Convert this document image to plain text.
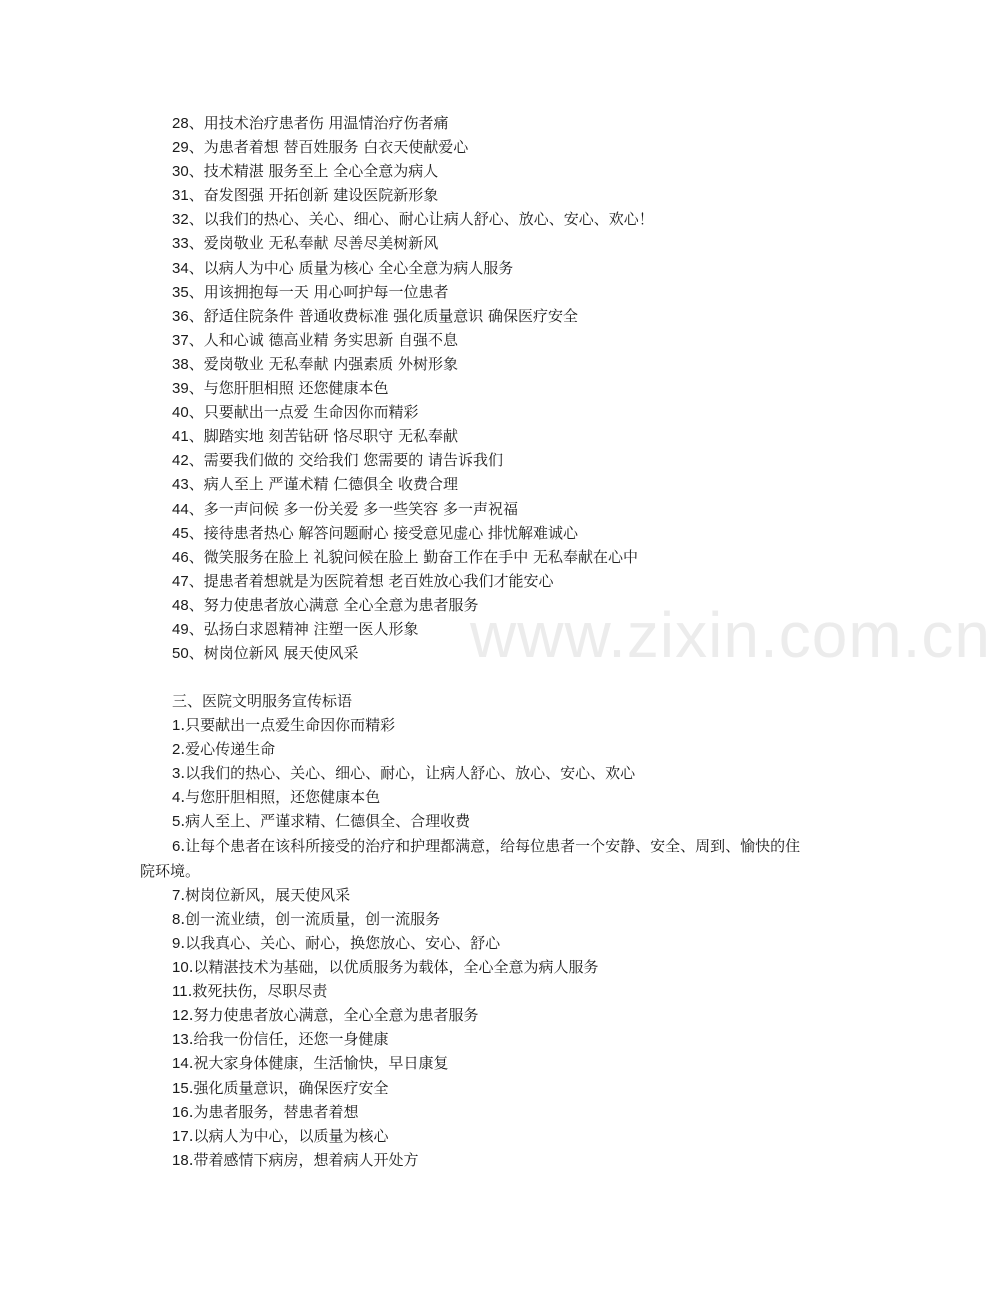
www.zixin.com.cn
28、用技术治疗患者伤 用温情治疗伤者痛
29、为患者着想 替百姓服务 白衣天使献爱心
30、技术精湛 服务至上 全心全意为病人
31、奋发图强 开拓创新 建设医院新形象
32、以我们的热心、关心、细心、耐心让病人舒心、放心、安心、欢心！
33、爱岗敬业 无私奉献 尽善尽美树新风
34、以病人为中心 质量为核心 全心全意为病人服务
35、用该拥抱每一天 用心呵护每一位患者
36、舒适住院条件 普通收费标准 强化质量意识 确保医疗安全
37、人和心诚 德高业精 务实思新 自强不息
38、爱岗敬业 无私奉献 内强素质 外树形象
39、与您肝胆相照 还您健康本色
40、只要献出一点爱 生命因你而精彩
41、脚踏实地 刻苦钻研 恪尽职守 无私奉献
42、需要我们做的 交给我们 您需要的 请告诉我们
43、病人至上 严谨术精 仁德俱全 收费合理
44、多一声问候 多一份关爱 多一些笑容 多一声祝福
45、接待患者热心 解答问题耐心 接受意见虚心 排忧解难诚心
46、微笑服务在脸上 礼貌问候在脸上 勤奋工作在手中 无私奉献在心中
47、提患者着想就是为医院着想 老百姓放心我们才能安心
48、努力使患者放心满意 全心全意为患者服务
49、弘扬白求恩精神 注塑一医人形象
50、树岗位新风 展天使风采
三、医院文明服务宣传标语
1.只要献出一点爱生命因你而精彩
2.爱心传递生命
3.以我们的热心、关心、细心、耐心，让病人舒心、放心、安心、欢心
4.与您肝胆相照，还您健康本色
5.病人至上、严谨求精、仁德俱全、合理收费
6.让每个患者在该科所接受的治疗和护理都满意，给每位患者一个安静、安全、周到、愉快的住院环境。
7.树岗位新风，展天使风采
8.创一流业绩，创一流质量，创一流服务
9.以我真心、关心、耐心，换您放心、安心、舒心
10.以精湛技术为基础，以优质服务为载体，全心全意为病人服务
11.救死扶伤，尽职尽责
12.努力使患者放心满意，全心全意为患者服务
13.给我一份信任，还您一身健康
14.祝大家身体健康，生活愉快，早日康复
15.强化质量意识，确保医疗安全
16.为患者服务，替患者着想
17.以病人为中心，以质量为核心
18.带着感情下病房，想着病人开处方
